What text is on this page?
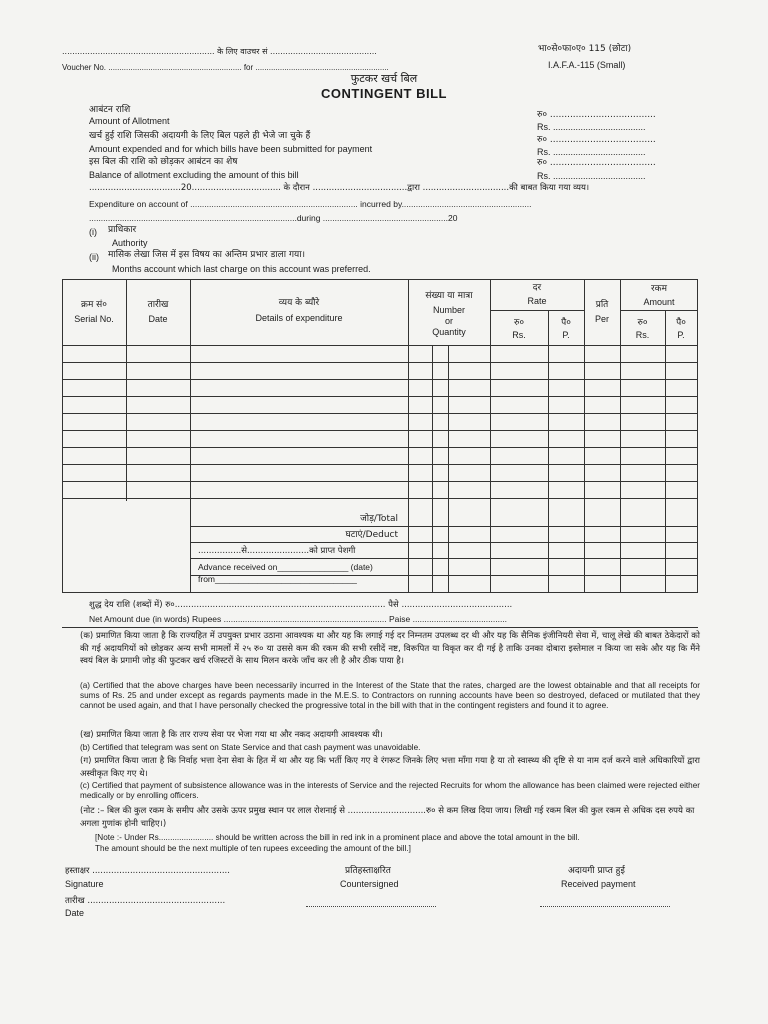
............................................................ के लिए वाउचर सं ..........................................
Voucher No. ............................................................ for ............................................................
भा०से०फा०ए० 115 (छोटा)
I.A.F.A.-115 (Small)
फुटकर खर्च बिल
CONTINGENT BILL
आबंटन राशि
Amount of Allotment
रु० .....................................
Rs. .....................................
खर्च हुई राशि जिसकी अदायगी के लिए बिल पहले ही भेजे जा चुके हैं
Amount expended and for which bills have been submitted for payment
रु० .....................................
Rs. .....................................
इस बिल की राशि को छोड़कर आबंटन का शेष
Balance of allotment excluding the amount of this bill
रु० .....................................
Rs. .....................................
..................................20................................. के दौरान ...................................द्वारा ................................की बाबत किया गया व्यय।
Expenditure on account of ....................................................................... incurred by.......................................................
........................................................................................during .....................................................20
(i) प्राधिकार
Authority
(ii) मासिक लेखा जिस में इस विषय का अन्तिम प्रभार डाला गया।
Months account which last charge on this account was preferred.
क्रम सं०
Serial No.
तारीख
Date
व्यय के ब्यौरे
Details of expenditure
संख्या या मात्रा
Number
or
Quantity
दर
Rate
रु०
Rs.
पै०
P.
प्रति
Per
रकम
Amount
रु०
Rs.
पै०
P.
जोड़/Total
घटाएं/Deduct
................से.......................को प्राप्त पेशगी
Advance received on_______________ (date)
from______________________________
शुद्ध देय राशि (शब्दों में) रु०.............................................................................. पैसे .........................................
Net Amount due (in words) Rupees ..................................................................... Paise ........................................
(क) प्रमाणित किया जाता है कि राज्यहित में उपयुक्त प्रभार उठाना आवश्यक था और यह कि लगाई गई दर निम्नतम उपलब्ध दर थी और यह कि सैनिक इंजीनियरी सेवा में, चालू लेखे की बाबत ठेकेदारों को की गई अदायगियों को छोड़कर अन्य सभी मामलों में २५ रु० या उससे कम की रकम की सभी रसीदें नष्ट, विरूपित या विकृत कर दी गई है ताकि उनका दोबारा इस्तेमाल न किया जा सके और यह कि मैंने स्वयं बिल के प्रगामी जोड़ की फुटकर खर्च रजिस्टरों के साथ मिलन करके जाँच कर ली है और ठीक पाया है।
(a) Certified that the above charges have been necessarily incurred in the Interest of the State that the rates, charged are the lowest obtainable and that all receipts for sums of Rs. 25 and under except as regards payments made in the M.E.S. to Contractors on running accounts have been so destroyed, defaced or mutilated that they cannot be used again, and that I have personally checked the progressive total in the bill with that in the contingent registers and found it to agree.
(ख) प्रमाणित किया जाता है कि तार राज्य सेवा पर भेजा गया था और नकद अदायगी आवश्यक थी।
(b) Certified that telegram was sent on State Service and that cash payment was unavoidable.
(ग) प्रमाणित किया जाता है कि निर्वाह भत्ता देना सेवा के हित में था और यह कि भर्ती किए गए वे रंगरूट जिनके लिए भत्ता माँगा गया है या तो स्वास्थ्य की दृष्टि से या नाम दर्ज करने वाले अधिकारियों द्वारा अस्वीकृत किए गए थे।
(c) Certified that payment of subsistence allowance was in the interests of Service and the rejected Recruits for whom the allowance has been claimed were rejected either medically or by enrolling officers.
(नोट :– बिल की कुल रकम के समीप और उसके ऊपर प्रमुख स्थान पर लाल रोशनाई से .............................रु० से कम लिख दिया जाय। लिखी गई रकम बिल की कुल रकम से अधिक दस रुपये का अगला गुणांक होनी चाहिए।)
[Note :- Under Rs........................ should be written across the bill in red ink in a prominent place and above the total amount in the bill.
The amount should be the next multiple of ten rupees exceeding the amount of the bill.]
हस्ताक्षर ...................................................
Signature
प्रतिहस्ताक्षरित
Countersigned
अदायगी प्राप्त हुई
Received payment
तारीख ...................................................
Date
